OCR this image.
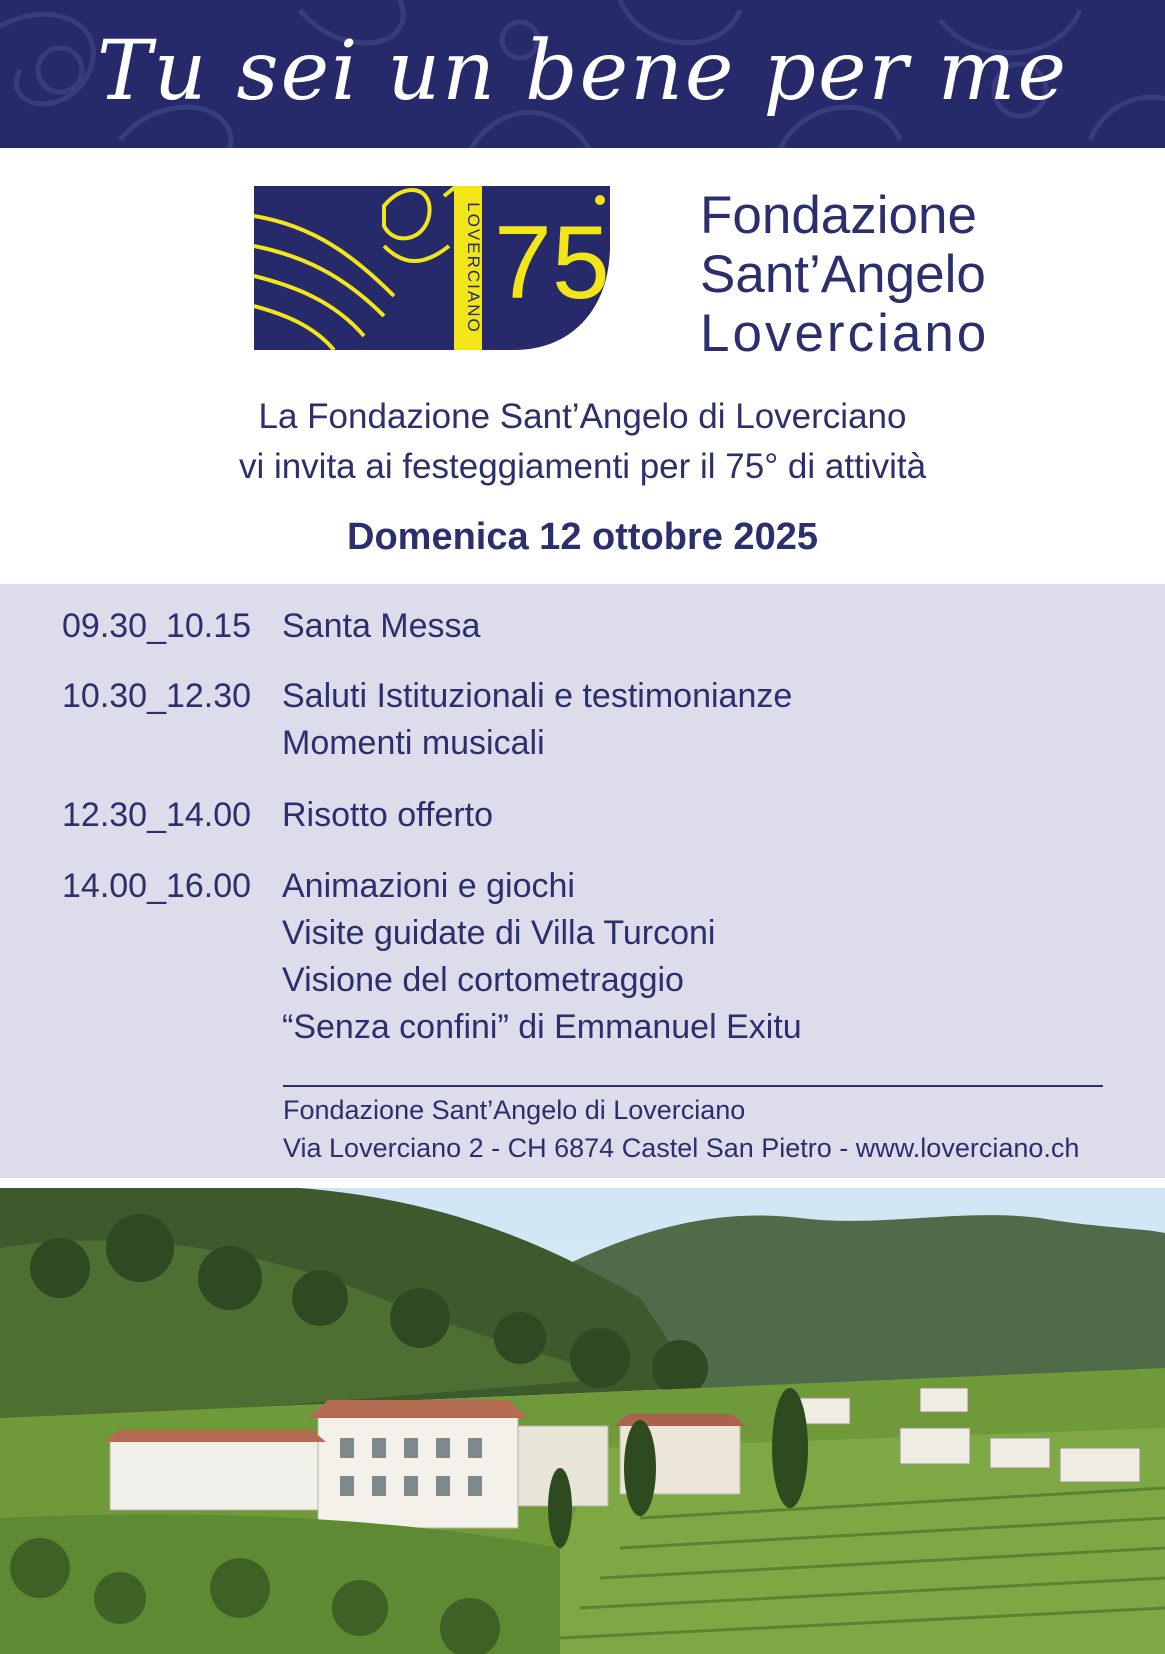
Tu sei un bene per me
LOVERCIANO 75 Fondazione
Sant’Angelo
Loverciano
La Fondazione Sant’Angelo di Loverciano
vi invita ai festeggiamenti per il 75° di attività
Domenica 12 ottobre 2025
09.30_10.15 Santa Messa
10.30_12.30 Saluti Istituzionali e testimonianze
Momenti musicali
12.30_14.00 Risotto offerto
14.00_16.00 Animazioni e giochi
Visite guidate di Villa Turconi
Visione del cortometraggio
“Senza confini” di Emmanuel Exitu
Fondazione Sant’Angelo di Loverciano
Via Loverciano 2 - CH 6874 Castel San Pietro - www.loverciano.ch
